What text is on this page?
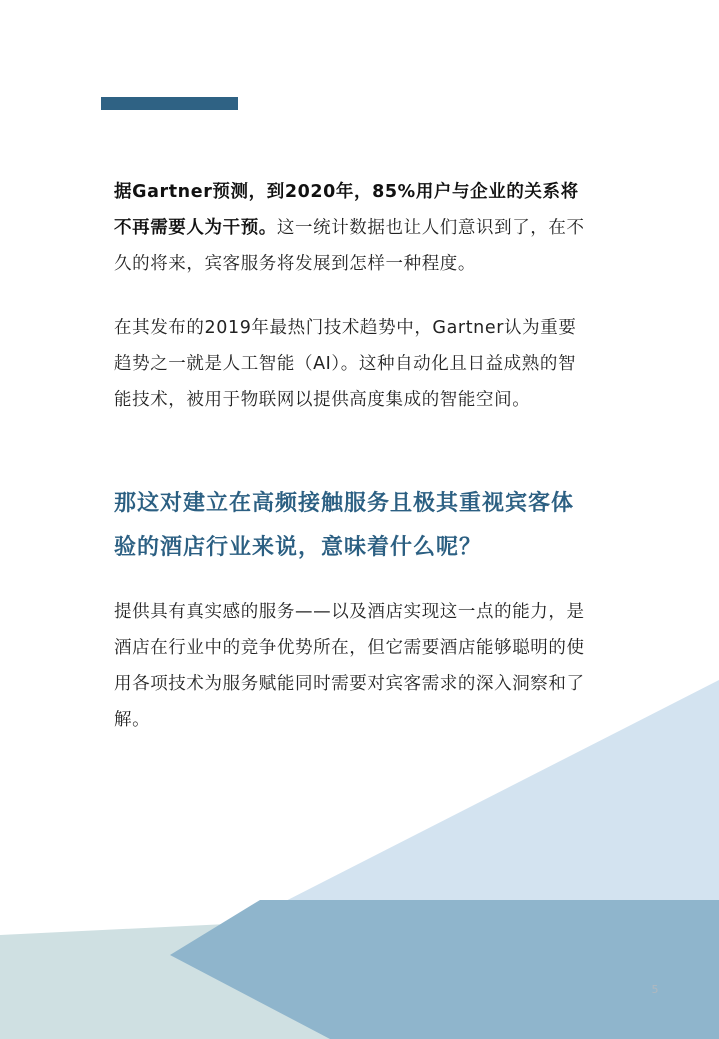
据Gartner预测，到2020年，85%用户与企业的关系将不再需要人为干预。这一统计数据也让人们意识到了，在不久的将来，宾客服务将发展到怎样一种程度。

在其发布的2019年最热门技术趋势中，Gartner认为重要趋势之一就是人工智能（AI）。这种自动化且日益成熟的智能技术，被用于物联网以提供高度集成的智能空间。

那这对建立在高频接触服务且极其重视宾客体验的酒店行业来说，意味着什么呢？

提供具有真实感的服务——以及酒店实现这一点的能力，是酒店在行业中的竞争优势所在，但它需要酒店能够聪明的使用各项技术为服务赋能同时需要对宾客需求的深入洞察和了解。

5
